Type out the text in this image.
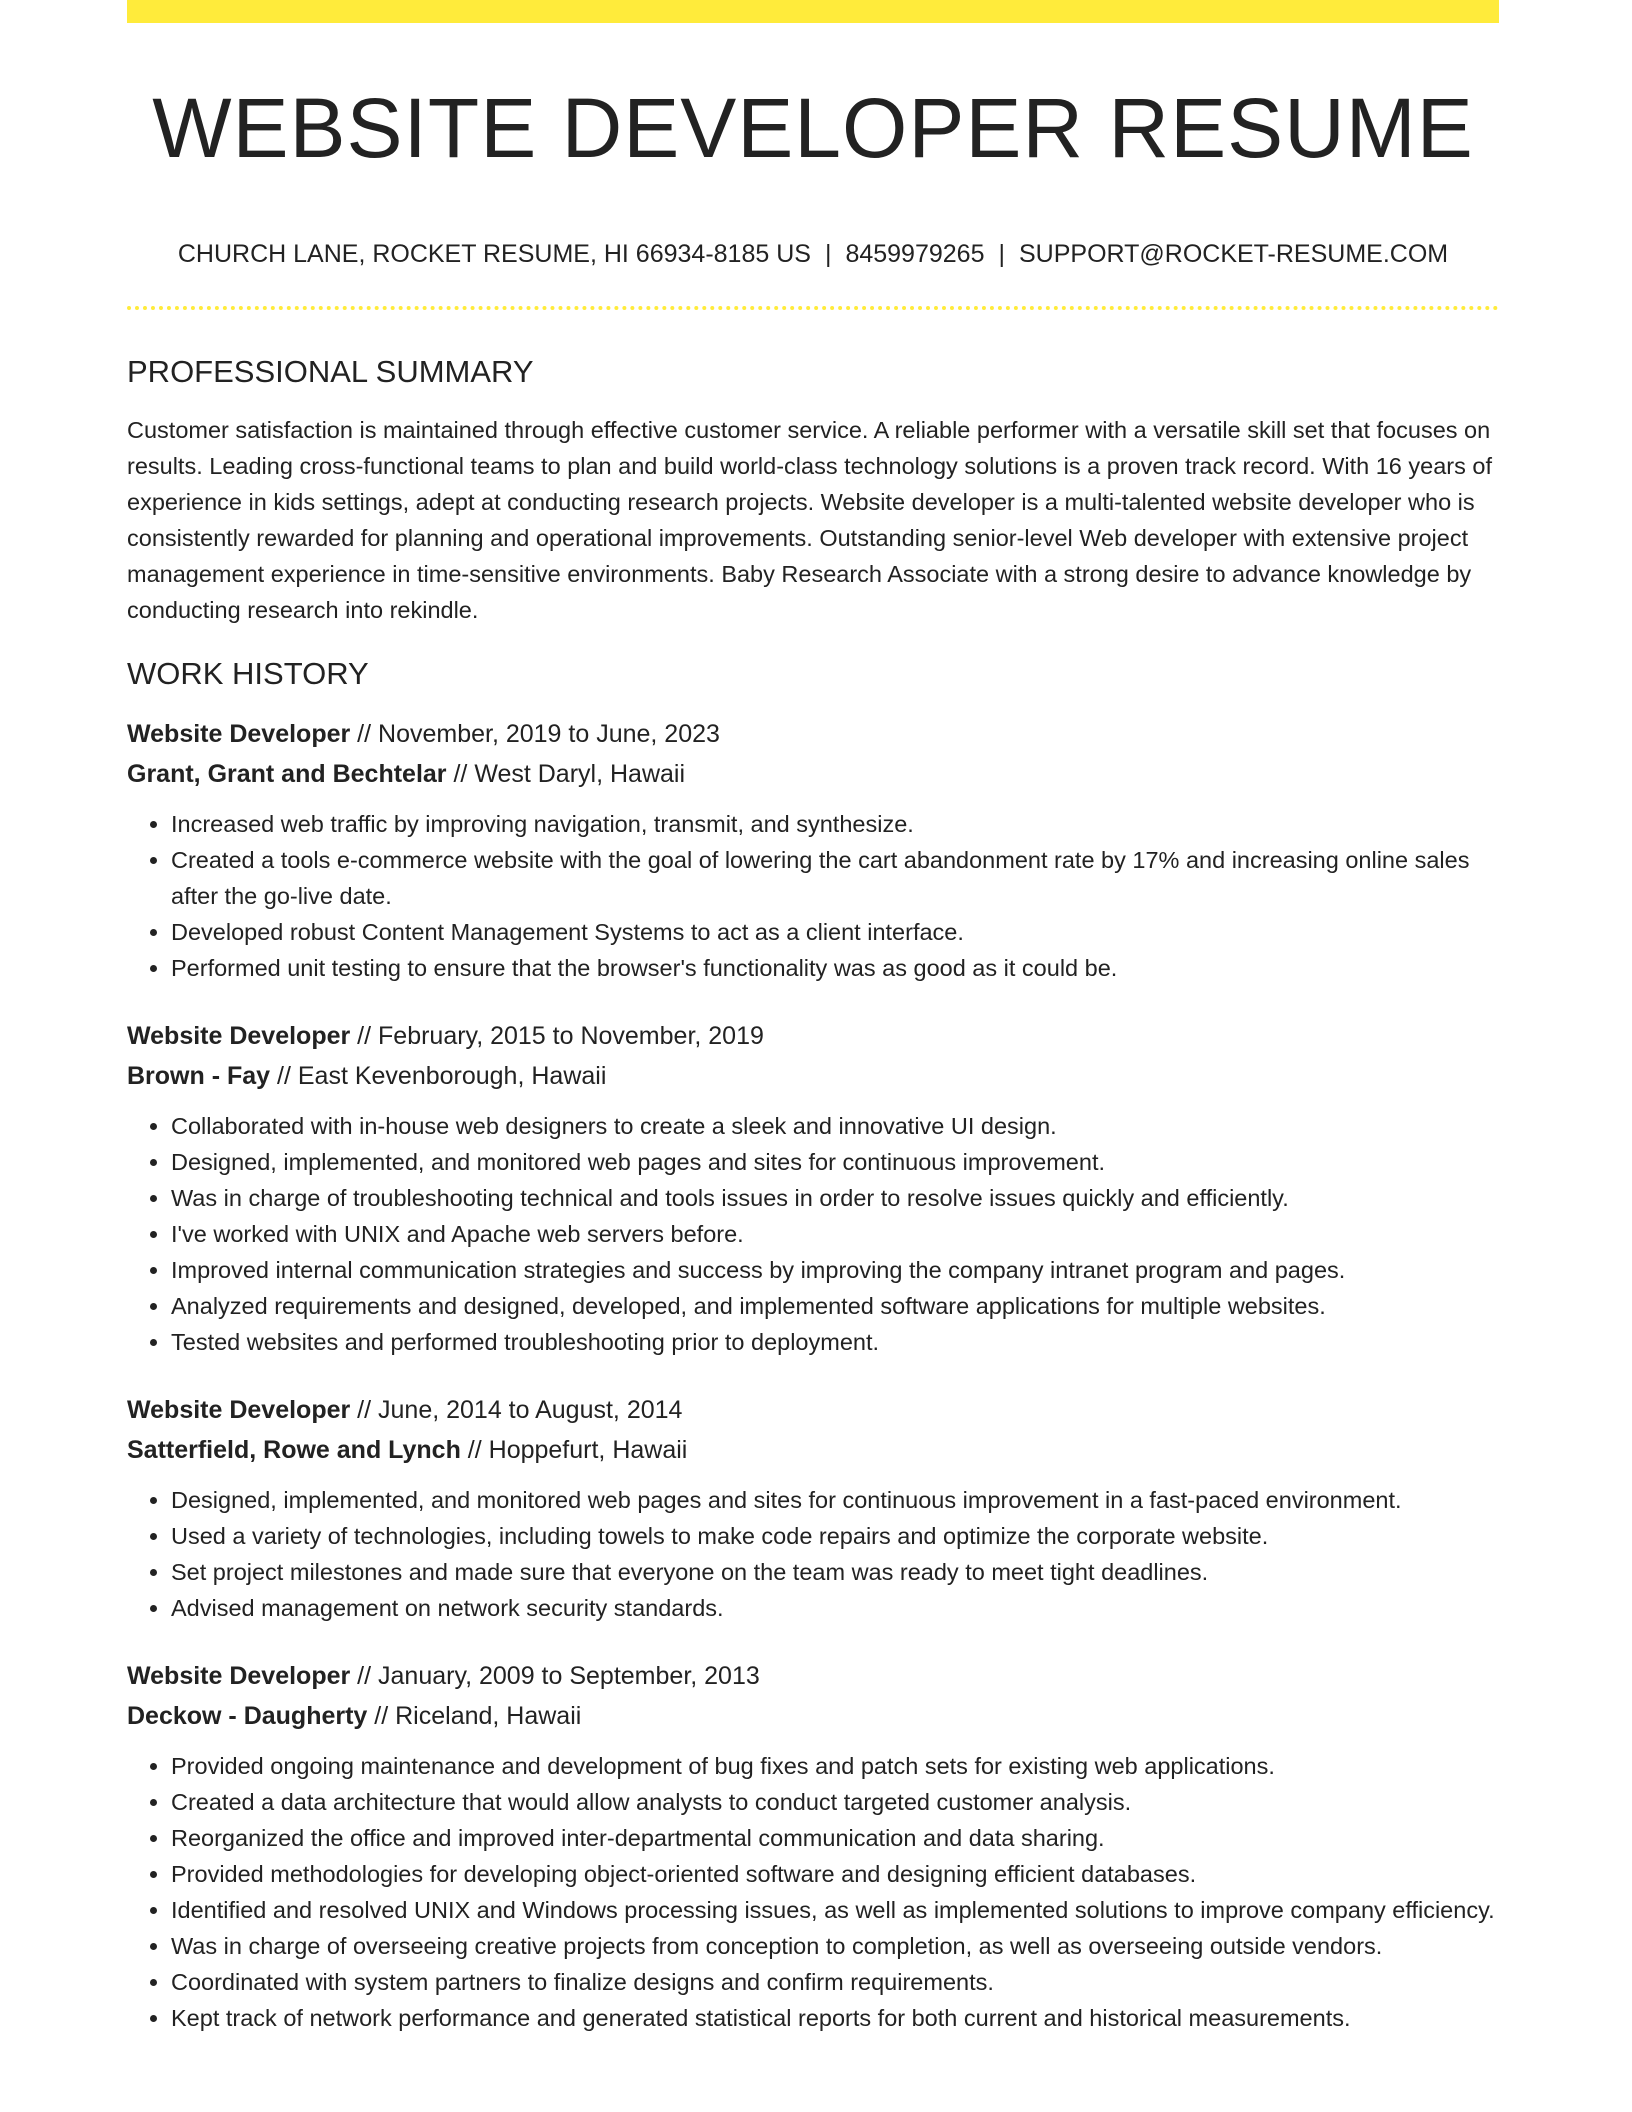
WEBSITE DEVELOPER RESUME
CHURCH LANE, ROCKET RESUME, HI 66934-8185 US | 8459979265 | SUPPORT@ROCKET-RESUME.COM
PROFESSIONAL SUMMARY

Customer satisfaction is maintained through effective customer service. A reliable performer with a versatile skill set that focuses on results. Leading cross-functional teams to plan and build world-class technology solutions is a proven track record. With 16 years of experience in kids settings, adept at conducting research projects. Website developer is a multi-talented website developer who is consistently rewarded for planning and operational improvements. Outstanding senior-level Web developer with extensive project management experience in time-sensitive environments. Baby Research Associate with a strong desire to advance knowledge by conducting research into rekindle.

WORK HISTORY
Website Developer // November, 2019 to June, 2023
Grant, Grant and Bechtelar // West Daryl, Hawaii
• Increased web traffic by improving navigation, transmit, and synthesize.
• Created a tools e-commerce website with the goal of lowering the cart abandonment rate by 17% and increasing online sales after the go-live date.
• Developed robust Content Management Systems to act as a client interface.
• Performed unit testing to ensure that the browser's functionality was as good as it could be.
Website Developer // February, 2015 to November, 2019
Brown - Fay // East Kevenborough, Hawaii
• Collaborated with in-house web designers to create a sleek and innovative UI design.
• Designed, implemented, and monitored web pages and sites for continuous improvement.
• Was in charge of troubleshooting technical and tools issues in order to resolve issues quickly and efficiently.
• I've worked with UNIX and Apache web servers before.
• Improved internal communication strategies and success by improving the company intranet program and pages.
• Analyzed requirements and designed, developed, and implemented software applications for multiple websites.
• Tested websites and performed troubleshooting prior to deployment.
Website Developer // June, 2014 to August, 2014
Satterfield, Rowe and Lynch // Hoppefurt, Hawaii
• Designed, implemented, and monitored web pages and sites for continuous improvement in a fast-paced environment.
• Used a variety of technologies, including towels to make code repairs and optimize the corporate website.
• Set project milestones and made sure that everyone on the team was ready to meet tight deadlines.
• Advised management on network security standards.
Website Developer // January, 2009 to September, 2013
Deckow - Daugherty // Riceland, Hawaii
• Provided ongoing maintenance and development of bug fixes and patch sets for existing web applications.
• Created a data architecture that would allow analysts to conduct targeted customer analysis.
• Reorganized the office and improved inter-departmental communication and data sharing.
• Provided methodologies for developing object-oriented software and designing efficient databases.
• Identified and resolved UNIX and Windows processing issues, as well as implemented solutions to improve company efficiency.
• Was in charge of overseeing creative projects from conception to completion, as well as overseeing outside vendors.
• Coordinated with system partners to finalize designs and confirm requirements.
• Kept track of network performance and generated statistical reports for both current and historical measurements.
